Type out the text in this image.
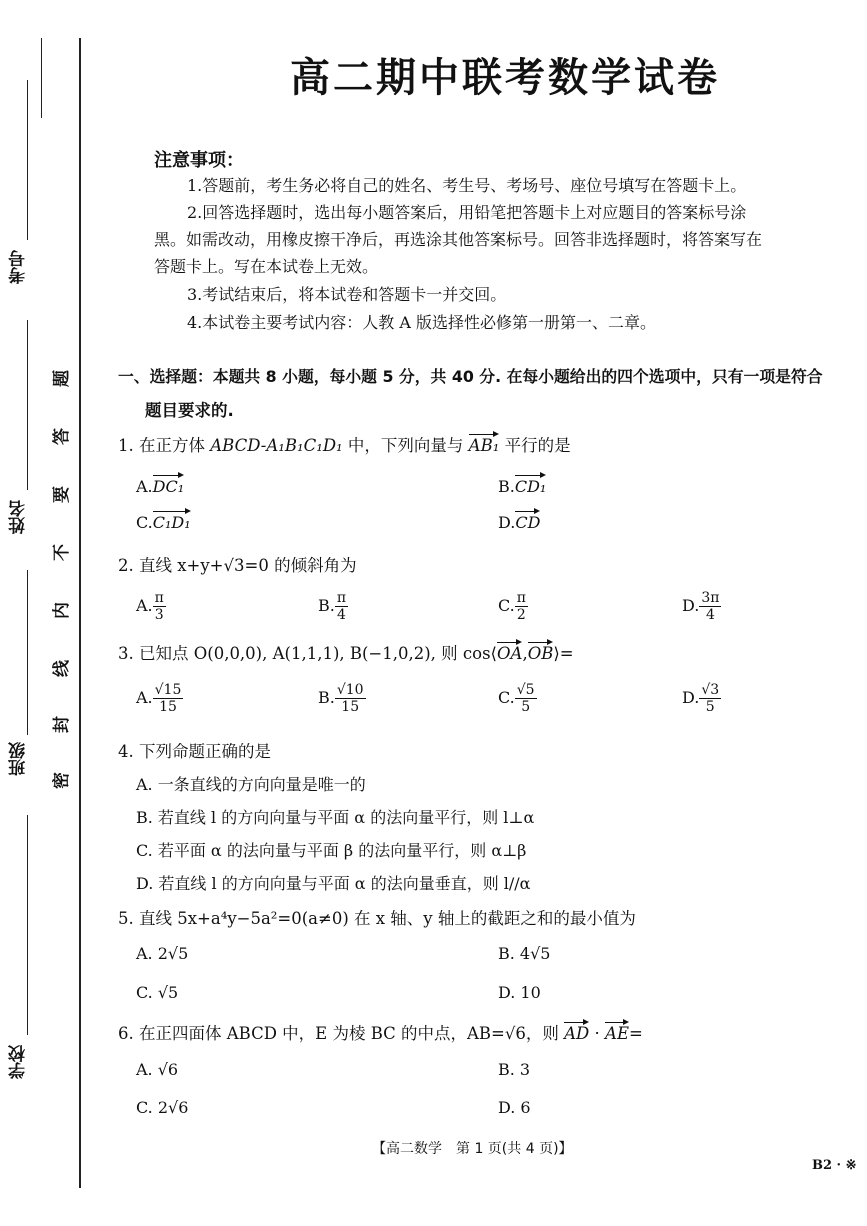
考号
姓名
班级
学校
题
答
要
不
内
线
封
密
高二期中联考数学试卷
注意事项：
1.答题前，考生务必将自己的姓名、考生号、考场号、座位号填写在答题卡上。
2.回答选择题时，选出每小题答案后，用铅笔把答题卡上对应题目的答案标号涂
黑。如需改动，用橡皮擦干净后，再选涂其他答案标号。回答非选择题时，将答案写在
答题卡上。写在本试卷上无效。
3.考试结束后，将本试卷和答题卡一并交回。
4.本试卷主要考试内容：人教 A 版选择性必修第一册第一、二章。
一、选择题：本题共 8 小题，每小题 5 分，共 40 分. 在每小题给出的四个选项中，只有一项是符合
题目要求的.
1. 在正方体 ABCD-A₁B₁C₁D₁ 中，下列向量与 AB₁ 平行的是
A.DC₁	B.CD₁
C.C₁D₁	D.CD
2. 直线 x+y+√3=0 的倾斜角为
A. $\frac{\pi}{3}$	B. $\frac{\pi}{4}$	C. $\frac{\pi}{2}$	D. $\frac{3\pi}{4}$
3. 已知点 O(0,0,0), A(1,1,1), B(−1,0,2), 则 cos⟨OA,OB⟩=
A. $\frac{√15}{15}$	B. $\frac{√10}{15}$	C. $\frac{√5}{5}$	D. $\frac{√3}{5}$
4. 下列命题正确的是
A. 一条直线的方向向量是唯一的
B. 若直线 l 的方向向量与平面 α 的法向量平行，则 l⊥α
C. 若平面 α 的法向量与平面 β 的法向量平行，则 α⊥β
D. 若直线 l 的方向向量与平面 α 的法向量垂直，则 l//α
5. 直线 5x+a⁴y−5a²=0(a≠0) 在 x 轴、y 轴上的截距之和的最小值为
A. 2√5	B. 4√5
C. √5	D. 10
6. 在正四面体 ABCD 中，E 为棱 BC 的中点，AB=√6，则 AD · AE=
A. √6	B. 3
C. 2√6	D. 6
【高二数学　第 1 页(共 4 页)】
B2 · ※
